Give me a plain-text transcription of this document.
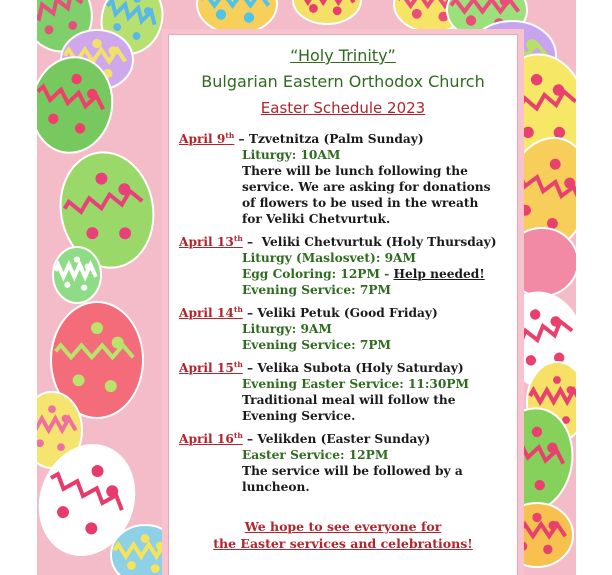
“Holy Trinity”
Bulgarian Eastern Orthodox Church
Easter Schedule 2023
April 9th – Tzvetnitza (Palm Sunday)
Liturgy: 10AM
There will be lunch following the service. We are asking for donations of flowers to be used in the wreath for Veliki Chetvurtuk.
April 13th –  Veliki Chetvurtuk (Holy Thursday)
Liturgy (Maslosvet): 9AM
Egg Coloring: 12PM - Help needed!
Evening Service: 7PM
April 14th – Veliki Petuk (Good Friday)
Liturgy: 9AM
Evening Service: 7PM
April 15th – Velika Subota (Holy Saturday)
Evening Easter Service: 11:30PM
Traditional meal will follow the Evening Service.
April 16th – Velikden (Easter Sunday)
Easter Service: 12PM
The service will be followed by a luncheon.
We hope to see everyone for
the Easter services and celebrations!
